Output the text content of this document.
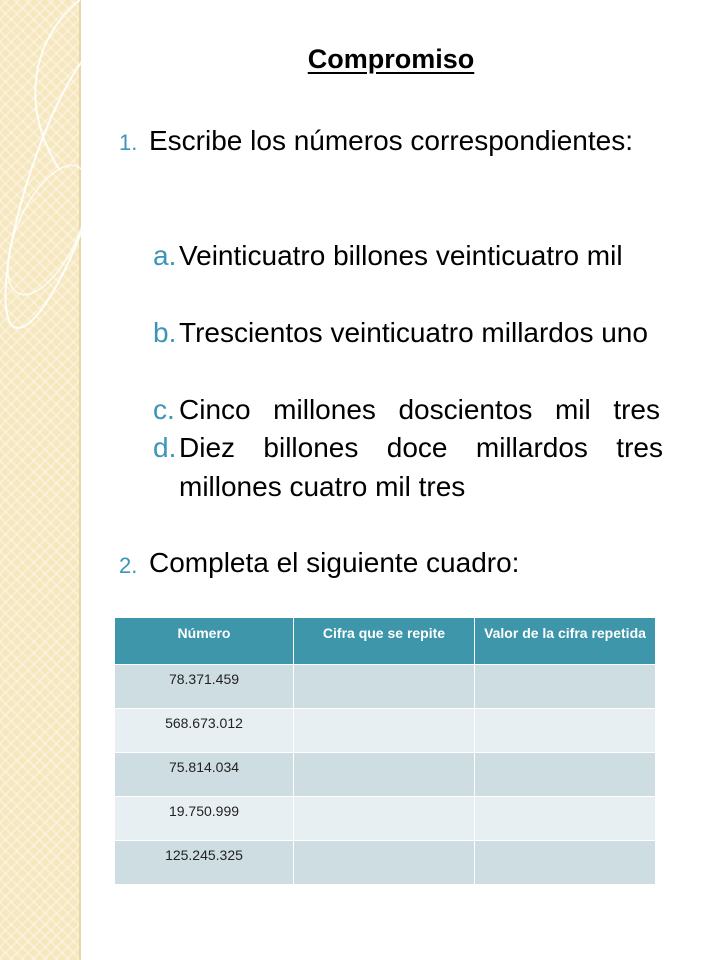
Compromiso
1. Escribe los números correspondientes:
a. Veinticuatro billones veinticuatro mil
b. Trescientos veinticuatro millardos uno
c. Cinco millones doscientos mil tres
d. Diez billones doce millardos tres millones cuatro mil tres
2. Completa el siguiente cuadro:
Número	Cifra que se repite	Valor de la cifra repetida
78.371.459		
568.673.012		
75.814.034		
19.750.999		
125.245.325		
